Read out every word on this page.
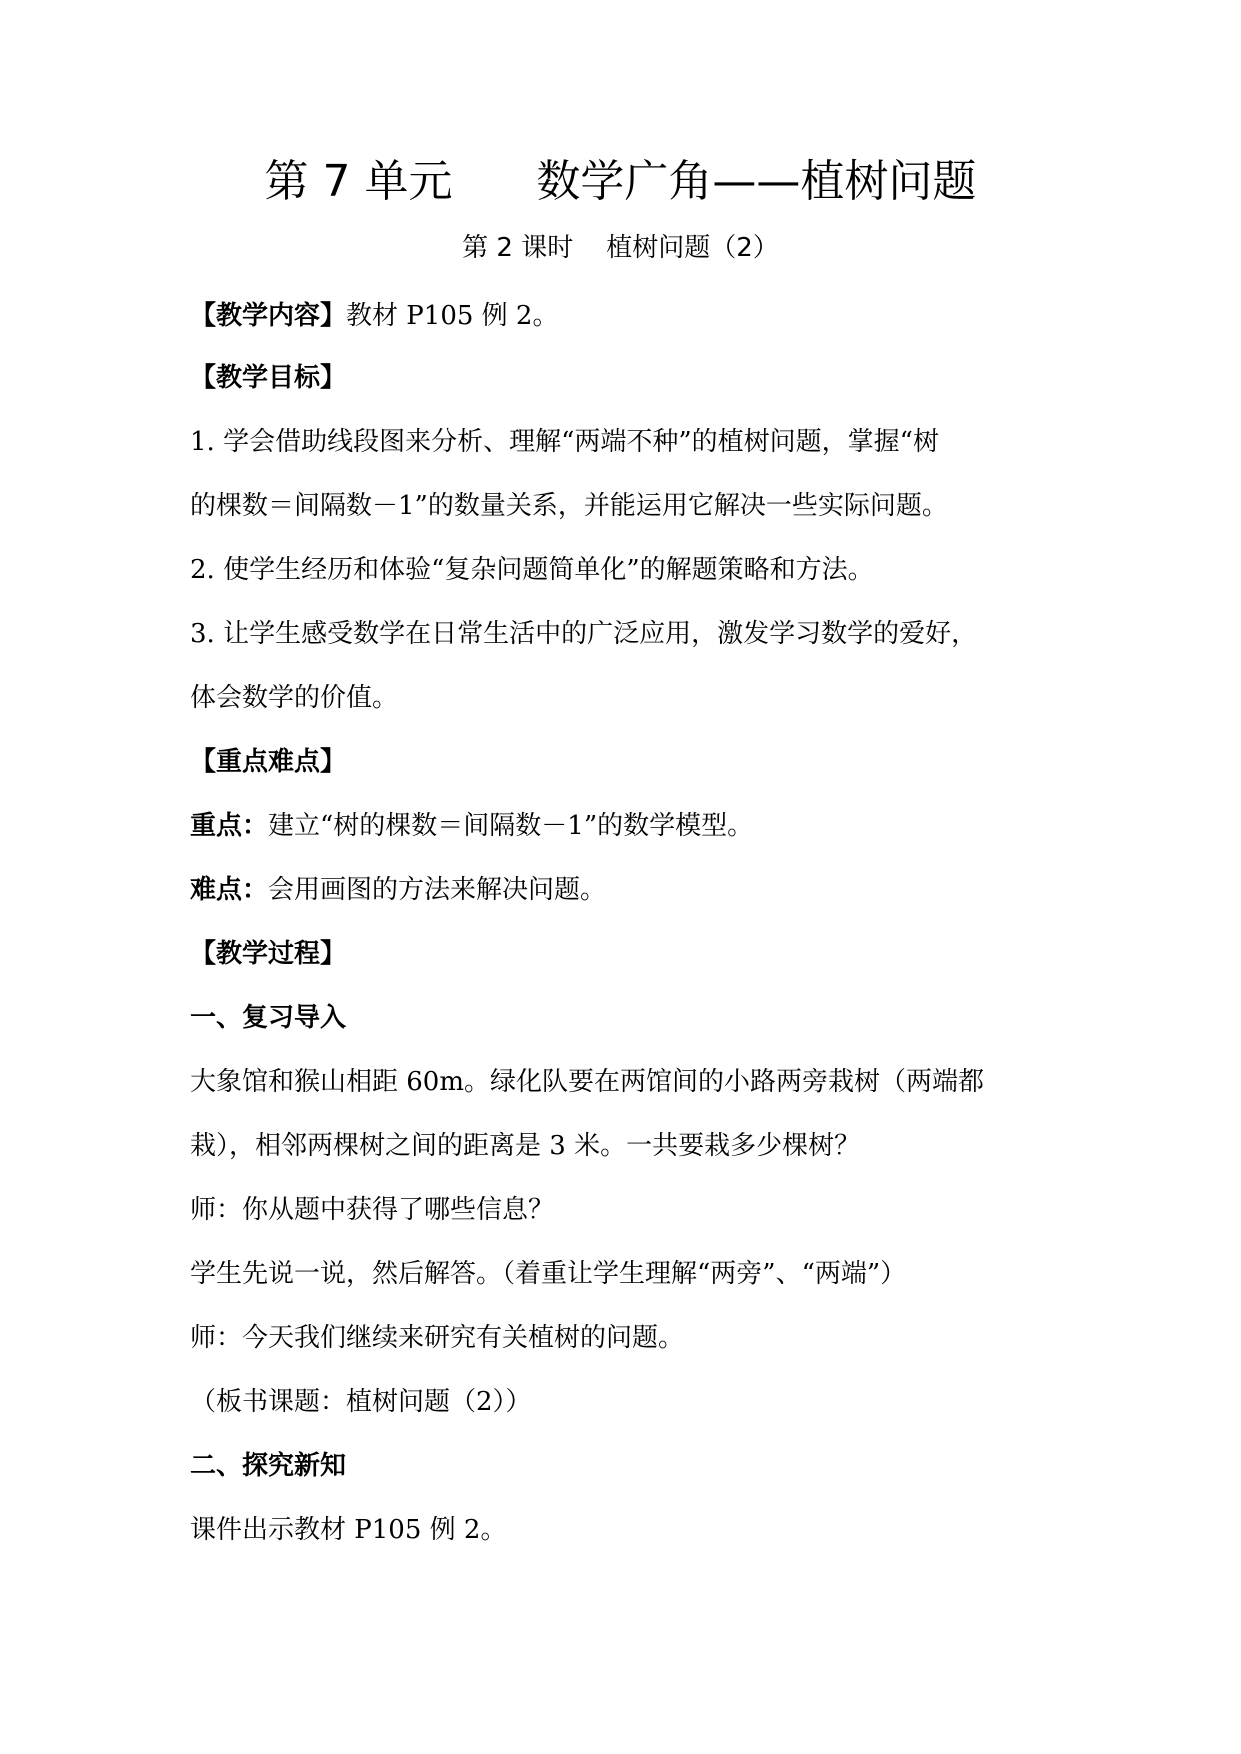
第 7 单元      数学广角——植树问题
第 2 课时    植树问题（2）
【教学内容】教材 P105 例 2。
【教学目标】
1. 学会借助线段图来分析、理解“两端不种”的植树问题，掌握“树
的棵数＝间隔数－1”的数量关系，并能运用它解决一些实际问题。
2. 使学生经历和体验“复杂问题简单化”的解题策略和方法。
3. 让学生感受数学在日常生活中的广泛应用，激发学习数学的爱好，
体会数学的价值。
【重点难点】
重点：建立“树的棵数＝间隔数－1”的数学模型。
难点：会用画图的方法来解决问题。
【教学过程】
一、复习导入
大象馆和猴山相距 60m。绿化队要在两馆间的小路两旁栽树（两端都
栽），相邻两棵树之间的距离是 3 米。一共要栽多少棵树？
师：你从题中获得了哪些信息？
学生先说一说，然后解答。（着重让学生理解“两旁”、“两端”）
师：今天我们继续来研究有关植树的问题。
（板书课题：植树问题（2））
二、探究新知
课件出示教材 P105 例 2。
